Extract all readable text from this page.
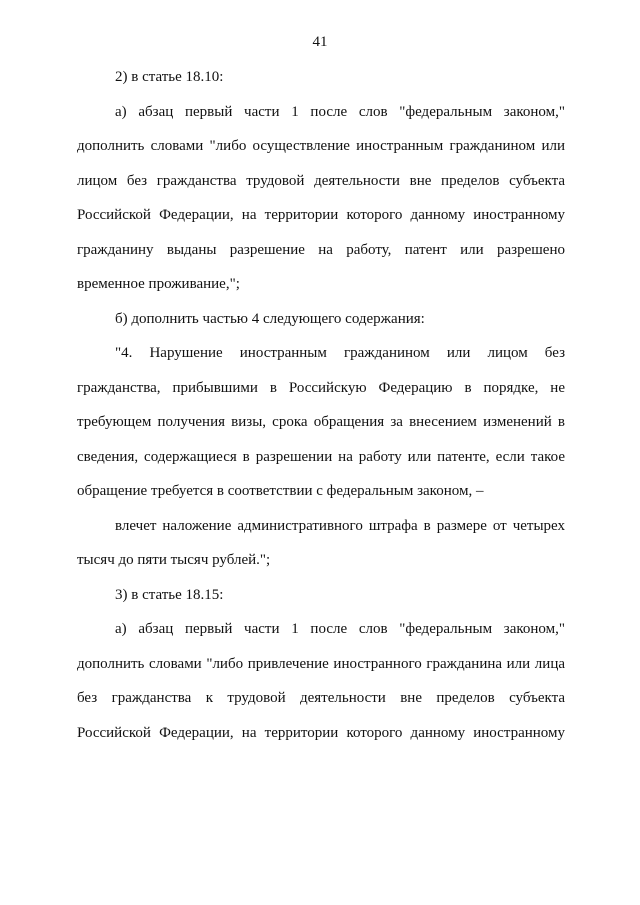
41
2) в статье 18.10:
а) абзац первый части 1 после слов "федеральным законом,"
дополнить словами "либо осуществление иностранным гражданином или
лицом без гражданства трудовой деятельности вне пределов субъекта
Российской Федерации, на территории которого данному иностранному
гражданину выданы разрешение на работу, патент или разрешено
временное проживание,";
б) дополнить частью 4 следующего содержания:
"4. Нарушение иностранным гражданином или лицом без
гражданства, прибывшими в Российскую Федерацию в порядке, не
требующем получения визы, срока обращения за внесением изменений в
сведения, содержащиеся в разрешении на работу или патенте, если такое
обращение требуется в соответствии с федеральным законом, –
влечет наложение административного штрафа в размере от четырех
тысяч до пяти тысяч рублей.";
3) в статье 18.15:
а) абзац первый части 1 после слов "федеральным законом,"
дополнить словами "либо привлечение иностранного гражданина или лица
без гражданства к трудовой деятельности вне пределов субъекта
Российской Федерации, на территории которого данному иностранному
